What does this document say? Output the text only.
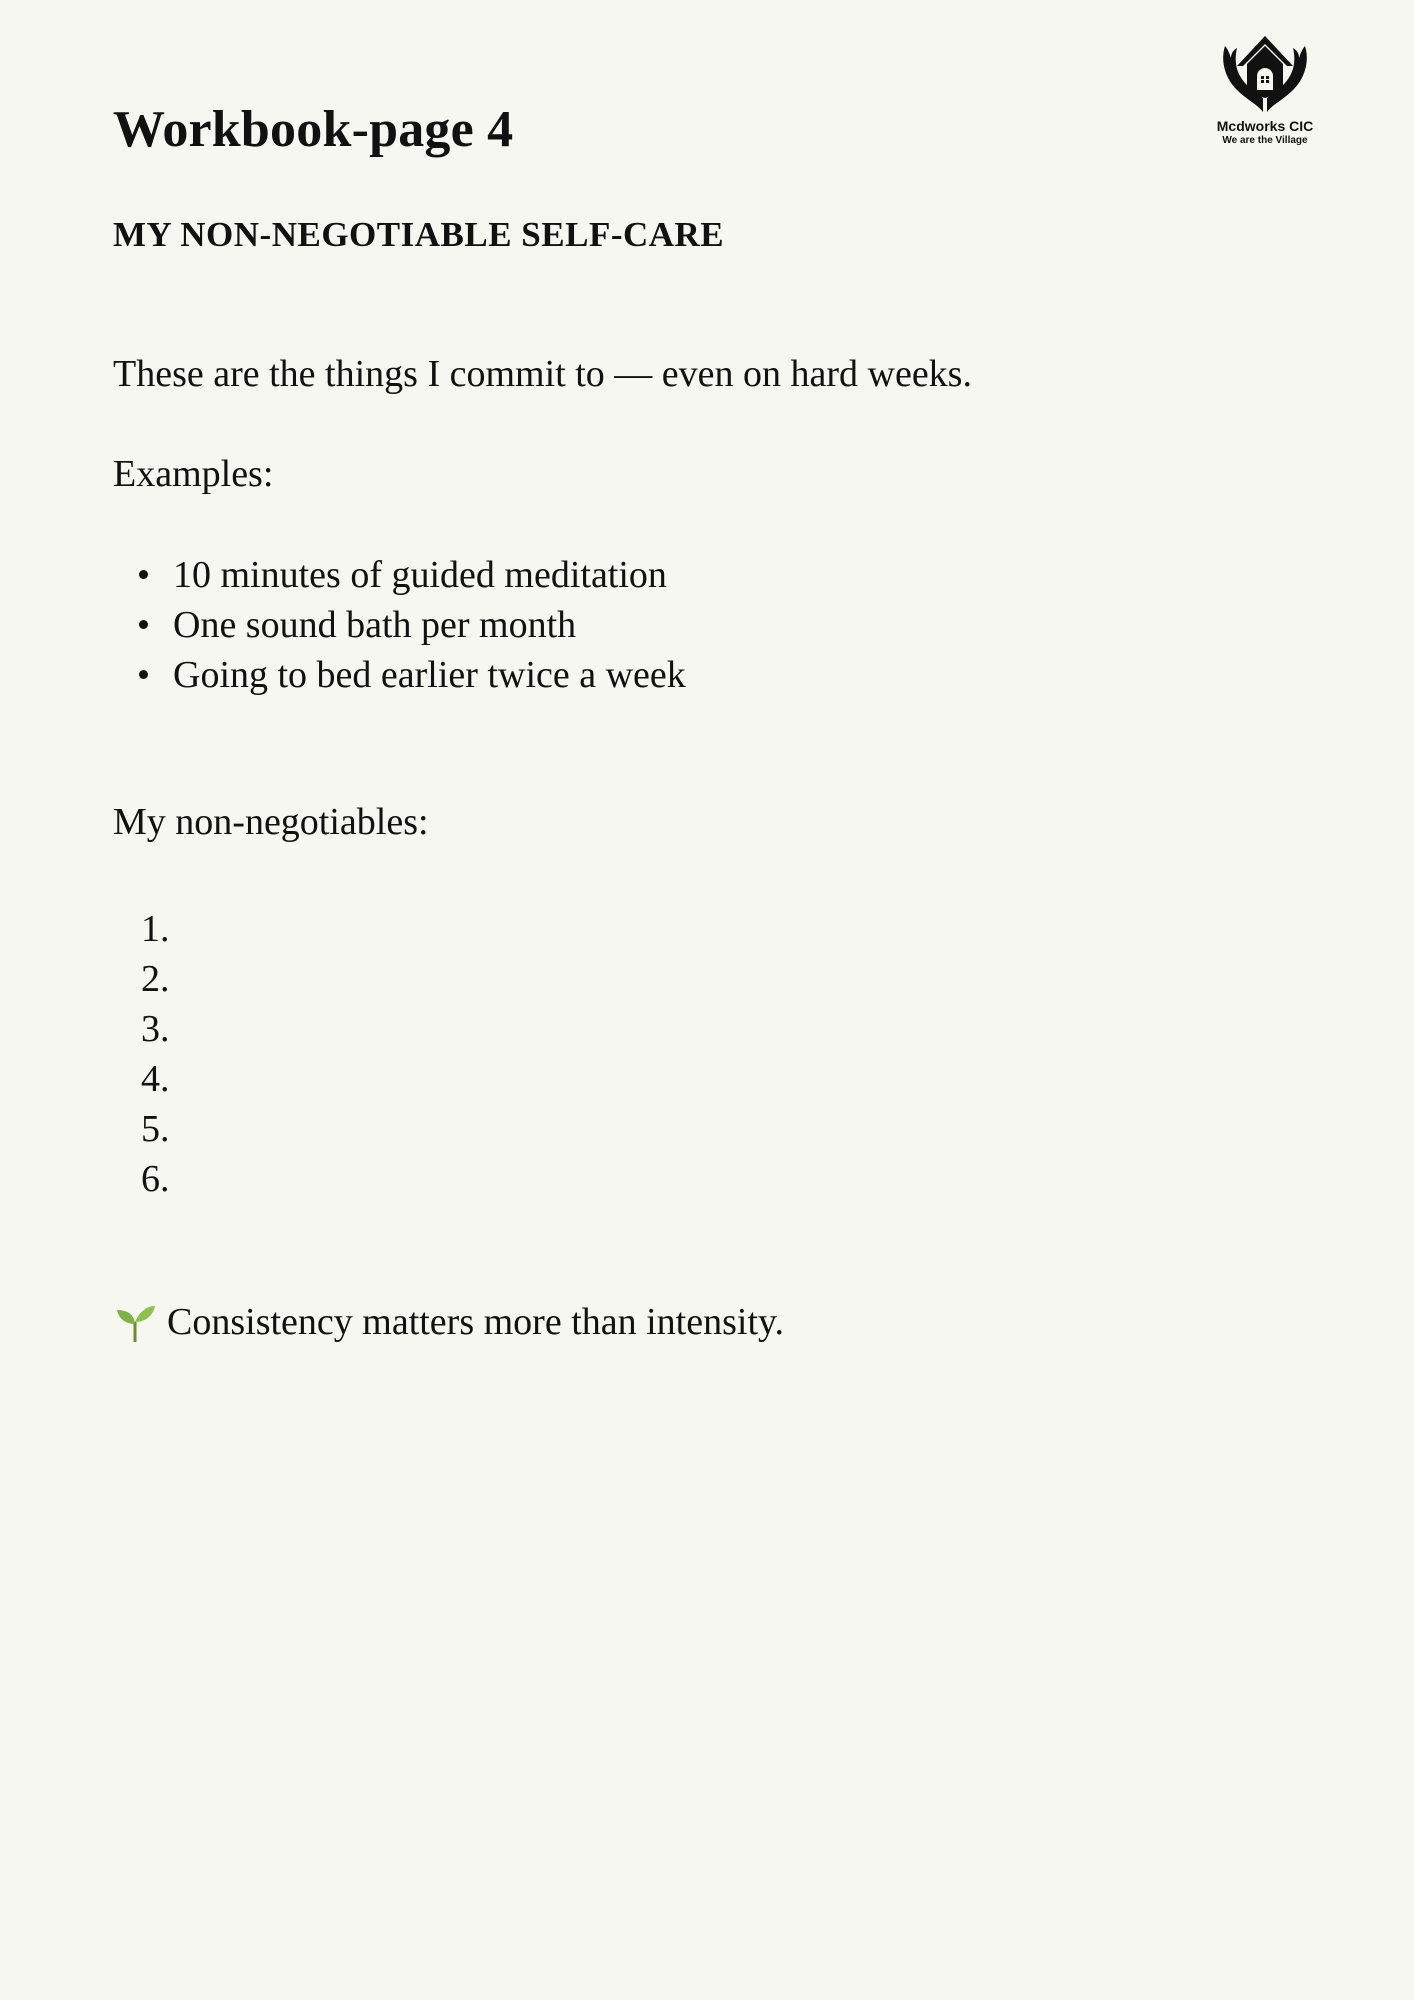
Mcdworks CIC
We are the Village
Workbook-page 4
MY NON-NEGOTIABLE SELF-CARE

These are the things I commit to — even on hard weeks.

Examples:

10 minutes of guided meditation
One sound bath per month
Going to bed earlier twice a week

My non-negotiables:

1.
2.
3.
4.
5.
6.

Consistency matters more than intensity.
